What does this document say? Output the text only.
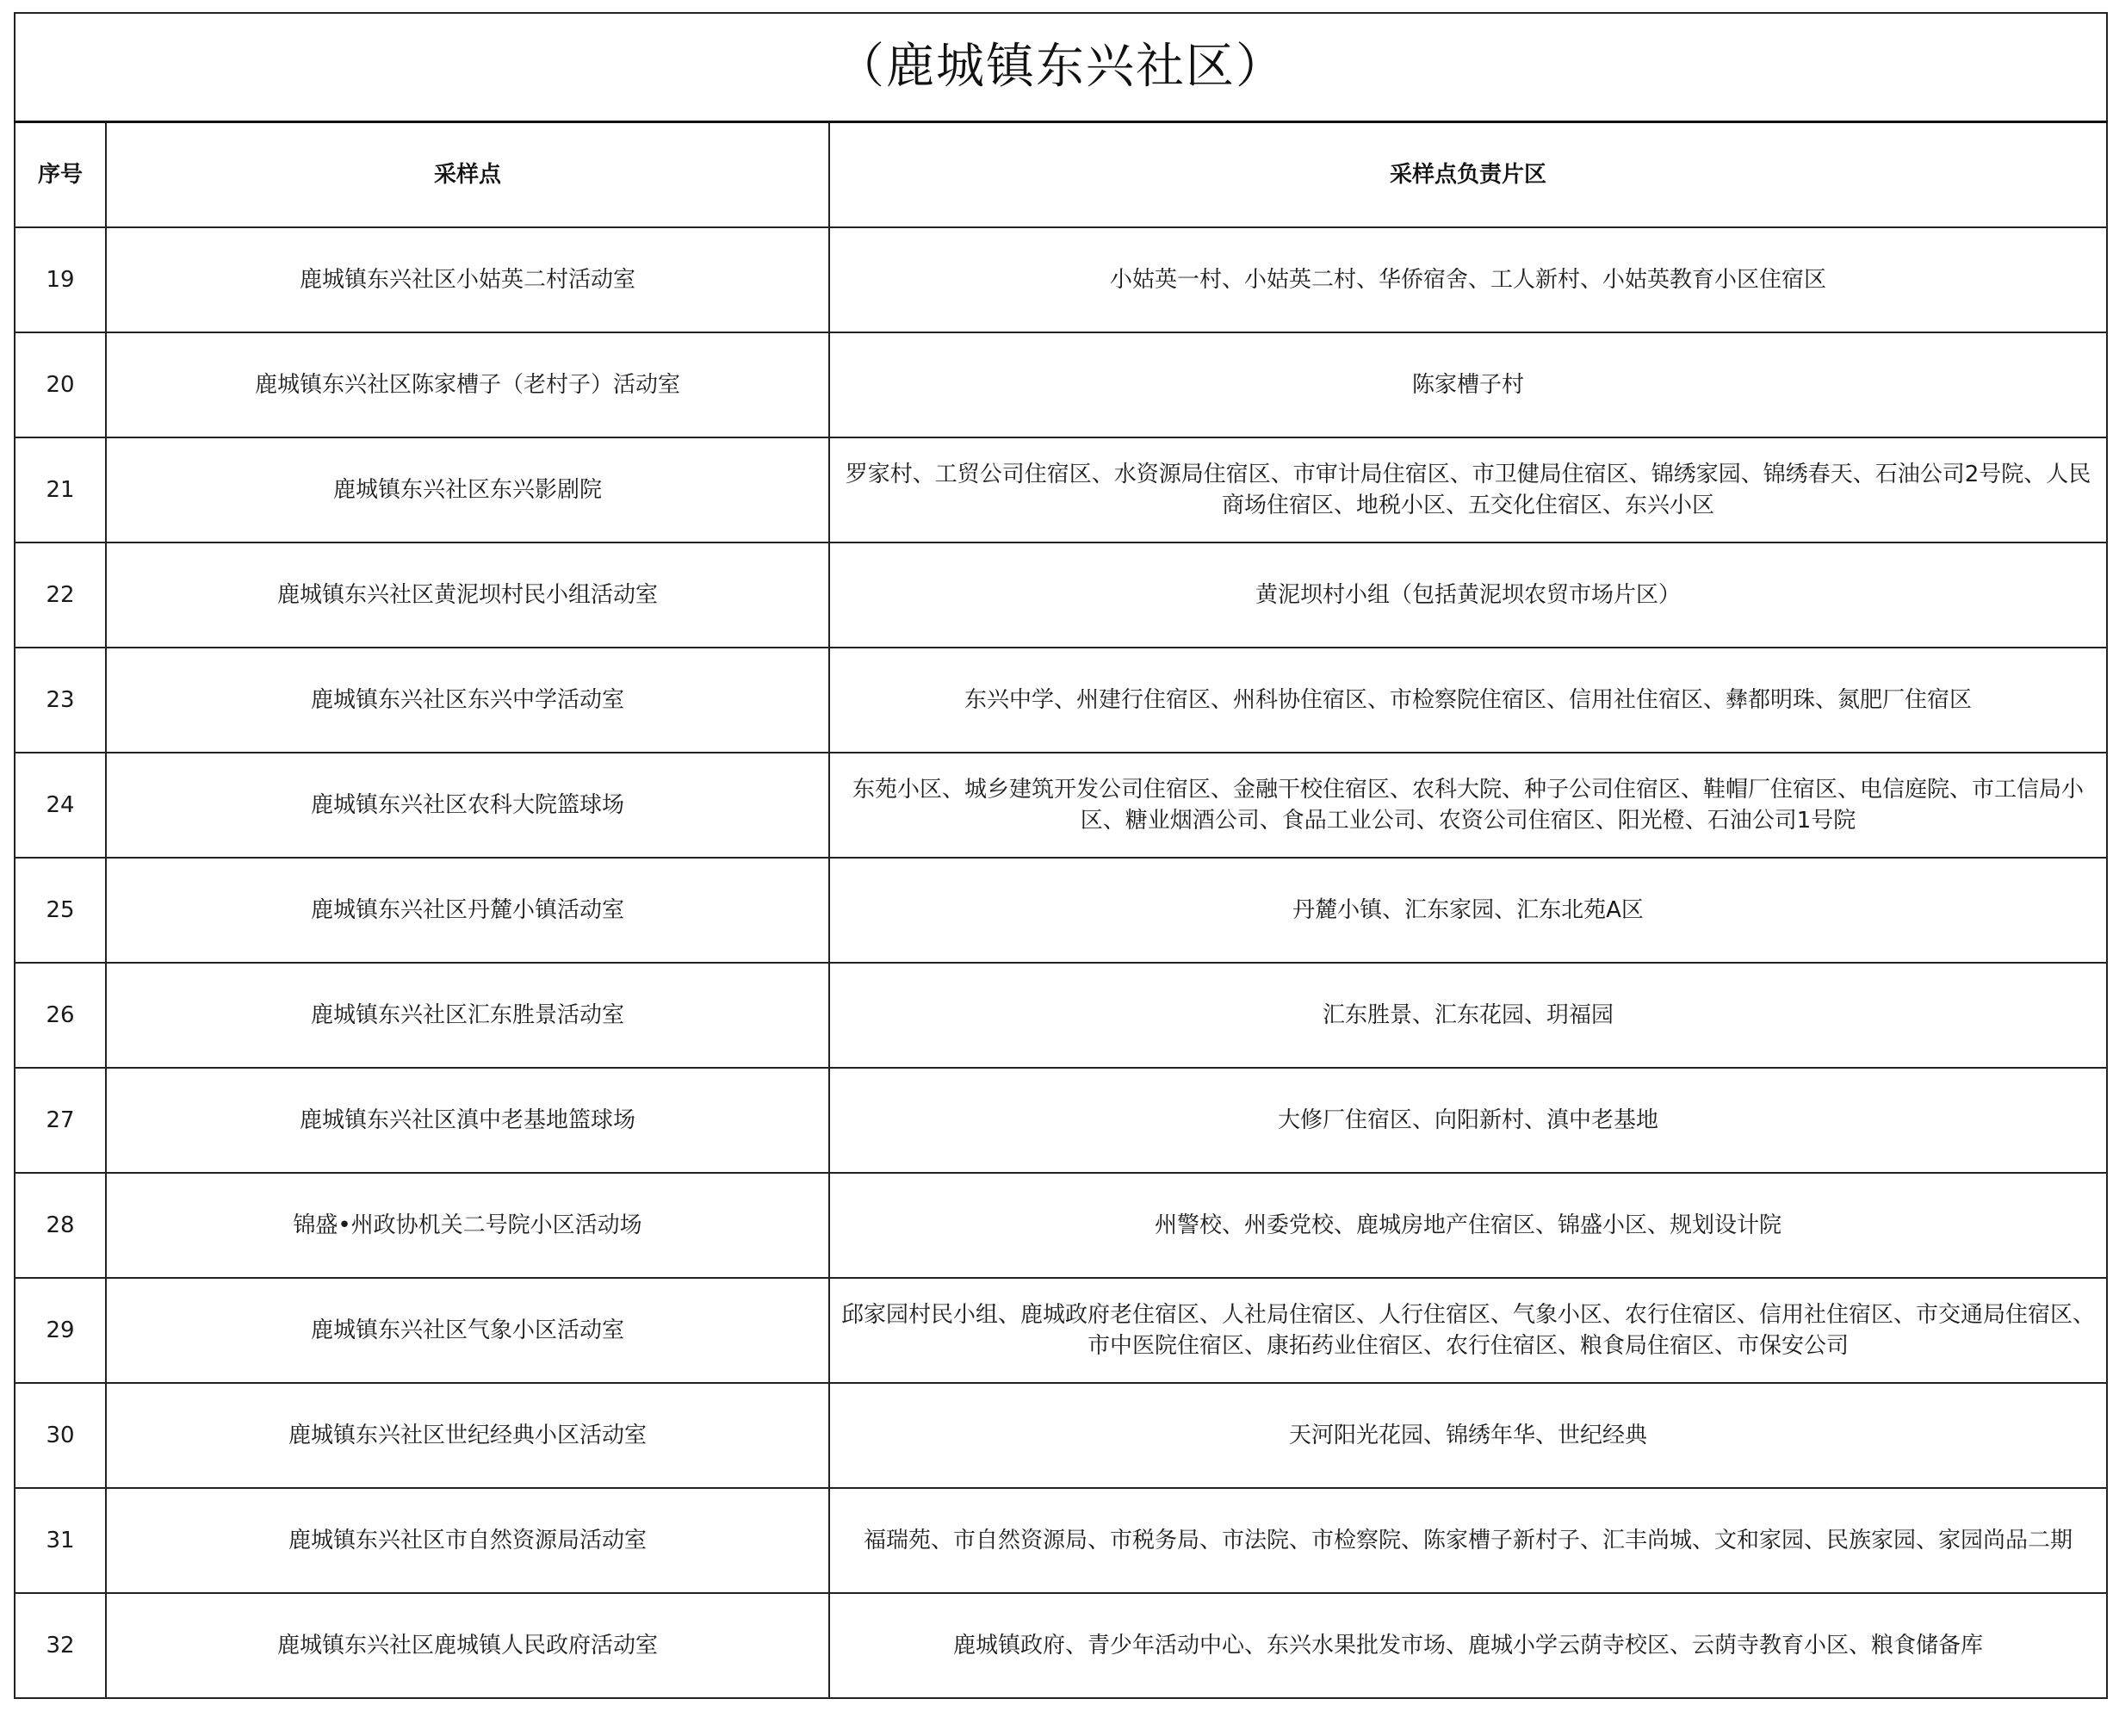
（鹿城镇东兴社区）		
序号	采样点	采样点负责片区
19	鹿城镇东兴社区小姑英二村活动室	小姑英一村、小姑英二村、华侨宿舍、工人新村、小姑英教育小区住宿区
20	鹿城镇东兴社区陈家槽子（老村子）活动室	陈家槽子村
21	鹿城镇东兴社区东兴影剧院	罗家村、工贸公司住宿区、水资源局住宿区、市审计局住宿区、市卫健局住宿区、锦绣家园、锦绣春天、石油公司2号院、人民商场住宿区、地税小区、五交化住宿区、东兴小区
22	鹿城镇东兴社区黄泥坝村民小组活动室	黄泥坝村小组（包括黄泥坝农贸市场片区）
23	鹿城镇东兴社区东兴中学活动室	东兴中学、州建行住宿区、州科协住宿区、市检察院住宿区、信用社住宿区、彝都明珠、氮肥厂住宿区
24	鹿城镇东兴社区农科大院篮球场	东苑小区、城乡建筑开发公司住宿区、金融干校住宿区、农科大院、种子公司住宿区、鞋帽厂住宿区、电信庭院、市工信局小区、糖业烟酒公司、食品工业公司、农资公司住宿区、阳光橙、石油公司1号院
25	鹿城镇东兴社区丹麓小镇活动室	丹麓小镇、汇东家园、汇东北苑A区
26	鹿城镇东兴社区汇东胜景活动室	汇东胜景、汇东花园、玥福园
27	鹿城镇东兴社区滇中老基地篮球场	大修厂住宿区、向阳新村、滇中老基地
28	锦盛•州政协机关二号院小区活动场	州警校、州委党校、鹿城房地产住宿区、锦盛小区、规划设计院
29	鹿城镇东兴社区气象小区活动室	邱家园村民小组、鹿城政府老住宿区、人社局住宿区、人行住宿区、气象小区、农行住宿区、信用社住宿区、市交通局住宿区、市中医院住宿区、康拓药业住宿区、农行住宿区、粮食局住宿区、市保安公司
30	鹿城镇东兴社区世纪经典小区活动室	天河阳光花园、锦绣年华、世纪经典
31	鹿城镇东兴社区市自然资源局活动室	福瑞苑、市自然资源局、市税务局、市法院、市检察院、陈家槽子新村子、汇丰尚城、文和家园、民族家园、家园尚品二期
32	鹿城镇东兴社区鹿城镇人民政府活动室	鹿城镇政府、青少年活动中心、东兴水果批发市场、鹿城小学云荫寺校区、云荫寺教育小区、粮食储备库
